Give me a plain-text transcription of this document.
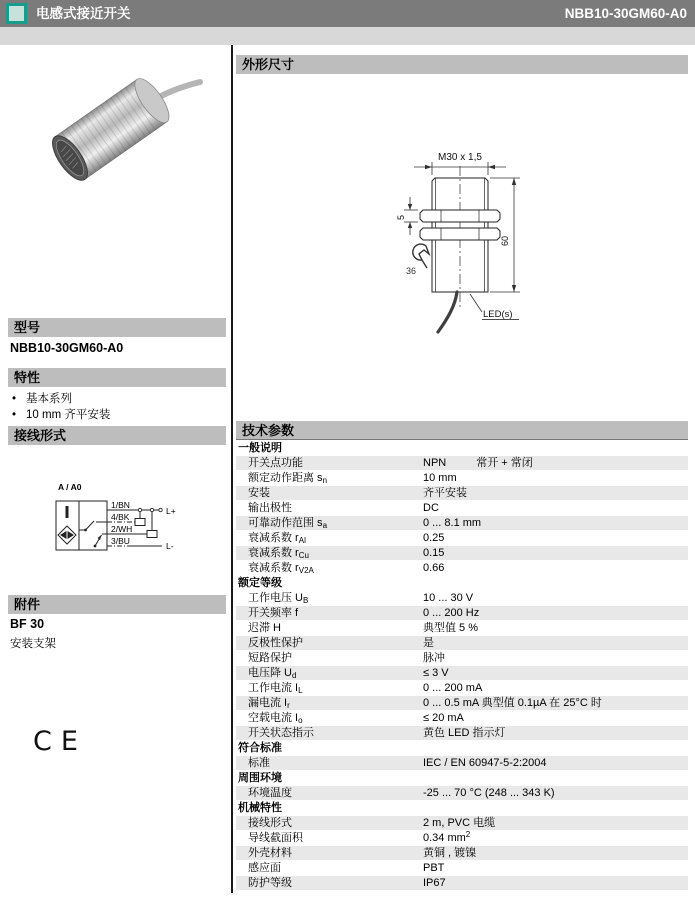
电感式接近开关	NBB10-30GM60-A0
CE
型号
NBB10-30GM60-A0
特性
• 基本系列
• 10 mm 齐平安装
接线形式
A / A0
1/BN
4/BK
2/WH
3/BU
L+
L-
附件
BF 30
安装支架
外形尺寸
M30 x 1,5
5
36
60
LED(s)
技术参数
一般说明
开关点功能	NPN	常开 + 常闭
额定动作距离 $s_n$	10 mm
安装	齐平安装
输出极性	DC
可靠动作范围 $s_a$	0 ... 8.1 mm
衰减系数 $r_{Al}$	0.25
衰减系数 $r_{Cu}$	0.15
衰减系数 $r_{V2A}$	0.66
额定等级
工作电压 $U_B$	10 ... 30 V
开关频率 f	0 ... 200 Hz
迟滞 H	典型值 5 %
反极性保护	是
短路保护	脉冲
电压降 $U_d$	≤ 3 V
工作电流 $I_L$	0 ... 200 mA
漏电流 $I_r$	0 ... 0.5 mA 典型值 0.1µA 在 25°C 时
空载电流 $I_o$	≤ 20 mA
开关状态指示	黄色 LED 指示灯
符合标准
标准	IEC / EN 60947-5-2:2004
周围环境
环境温度	-25 ... 70 °C (248 ... 343 K)
机械特性
接线形式	2 m, PVC 电缆
导线截面积	0.34 $mm^2$
外壳材料	黄铜 , 镀镍
感应面	PBT
防护等级	IP67
